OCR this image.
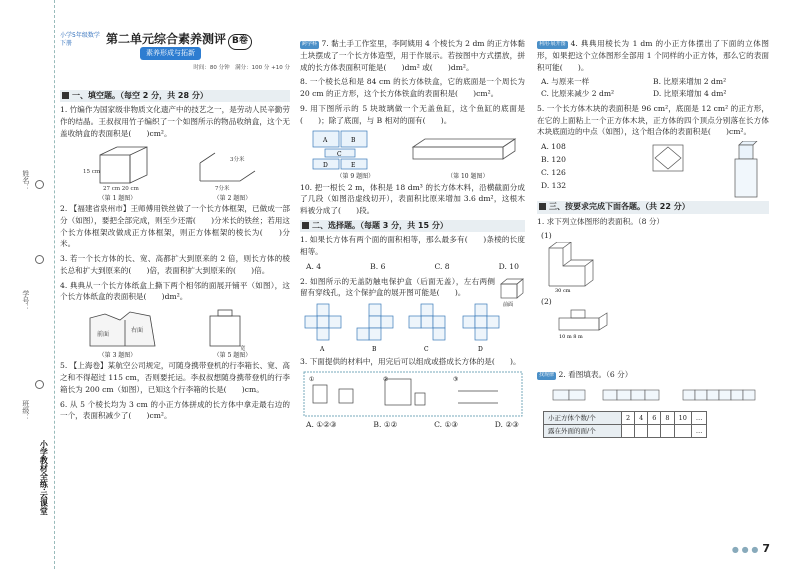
姓名：
学号：
班级：
小学教材全练·云课堂
小学5年级数学下册	第二单元综合素养测评 B卷
素养形成与拓新
时间：80 分钟　满分：100 分 +10 分
一、填空题。（每空 2 分，共 28 分）
1. 竹编作为国家级非物质文化遗产中的技艺之一，是劳动人民辛勤劳作的结晶。王叔叔用竹子编织了一个如图所示的物品收纳盒，这个无盖收纳盒的表面积是(　　)cm²。
15 cm
27 cm 20 cm
3分米
7分米
（第 1 题图）	（第 2 题图）
2. 【福建省泉州市】王师傅用铁丝做了一个长方体框架，已做成一部分（如图），要把全部完成，则至少还需(　　)分米长的铁丝；若用这个长方体框架改做成正方体框架，则正方体框架的棱长为(　　)分米。
3. 若一个长方体的长、宽、高都扩大到原来的 2 倍，则长方体的棱长总和扩大到原来的(　　)倍，表面积扩大到原来的(　　)倍。
4. 典典从一个长方体纸盒上撕下两个相邻的面展开铺平（如图），这个长方体纸盒的表面积是(　　)dm²。
前面
右面
宽
（第 3 题图）	（第 5 题图）
5. 【上海卷】某航空公司规定，可随身携带登机的行李箱长、宽、高之和不得超过 115 cm，否则要托运。李叔叔想随身携带登机的行李箱长为 200 cm（如图），已知这个行李箱的长是(　　)cm。
6. 从 5 个棱长均为 3 cm 的小正方体拼成的长方体中拿走最右边的一个，表面积减少了(　　)cm²。
跨学科 7. 黏土手工作室里，李阿姨用 4 个棱长为 2 dm 的正方体黏土块摆成了一个长方体造型，用于作展示。若按图中方式摆放，拼成的长方体表面积可能是(　　)dm² 或(　　)dm²。
8. 一个棱长总和是 84 cm 的长方体铁盒，它的底面是一个周长为 20 cm 的正方形，这个长方体铁盒的表面积是(　　)cm²。
9. 用下图所示的 5 块玻璃做一个无盖鱼缸，这个鱼缸的底面是(　　)；除了底面，与 B 相对的面有(　　)。
A	B
C
D	E
（第 9 题图）	（第 10 题图）
10. 把一根长 2 m，体积是 18 dm³ 的长方体木料，沿横截面分成了几段（如图沿虚线切开），表面积比原来增加 3.6 dm²，这根木料被分成了(　　)段。
二、选择题。（每题 3 分，共 15 分）
1. 如果长方体有两个面的面积相等，那么最多有(　　)条棱的长度相等。
A. 4	B. 6	C. 8	D. 10
2. 如图所示的无盖防触电保护盒（后面无盖），左右两侧留有穿线孔，这个保护盒的展开图可能是(　　)。
前面
A	B	C	D
3. 下面提供的材料中，用完后可以组成或搭成长方体的是(　　)。
①	②	③
A. ①②③	B. ①②	C. ①③	D. ②③
利用·展开图 4. 典典用棱长为 1 dm 的小正方体摆出了下面的立体图形，如果把这个立体图形全部用 1 个同样的小正方体，那么它的表面积可能(　　)。
A. 与原来一样	B. 比原来增加 2 dm²
C. 比原来减少 2 dm²	D. 比原来增加 4 dm²
5. 一个长方体木块的表面积是 96 cm²，底面是 12 cm² 的正方形，在它的上面粘上一个正方体木块，正方体的四个顶点分别落在长方体木块底面边的中点（如图），这个组合体的表面积是(　　)cm²。
A. 108
B. 120
C. 126
D. 132
三、按要求完成下面各题。（共 22 分）
1. 求下列立体图形的表面积。（8 分）
(1)
30 cm
(2)
10 m 8 m
找规律 2. 看图填表。（6 分）
小正方体个数/个	2	4	6	8	10	…
露在外面的面/个						…
● ● ● 7
